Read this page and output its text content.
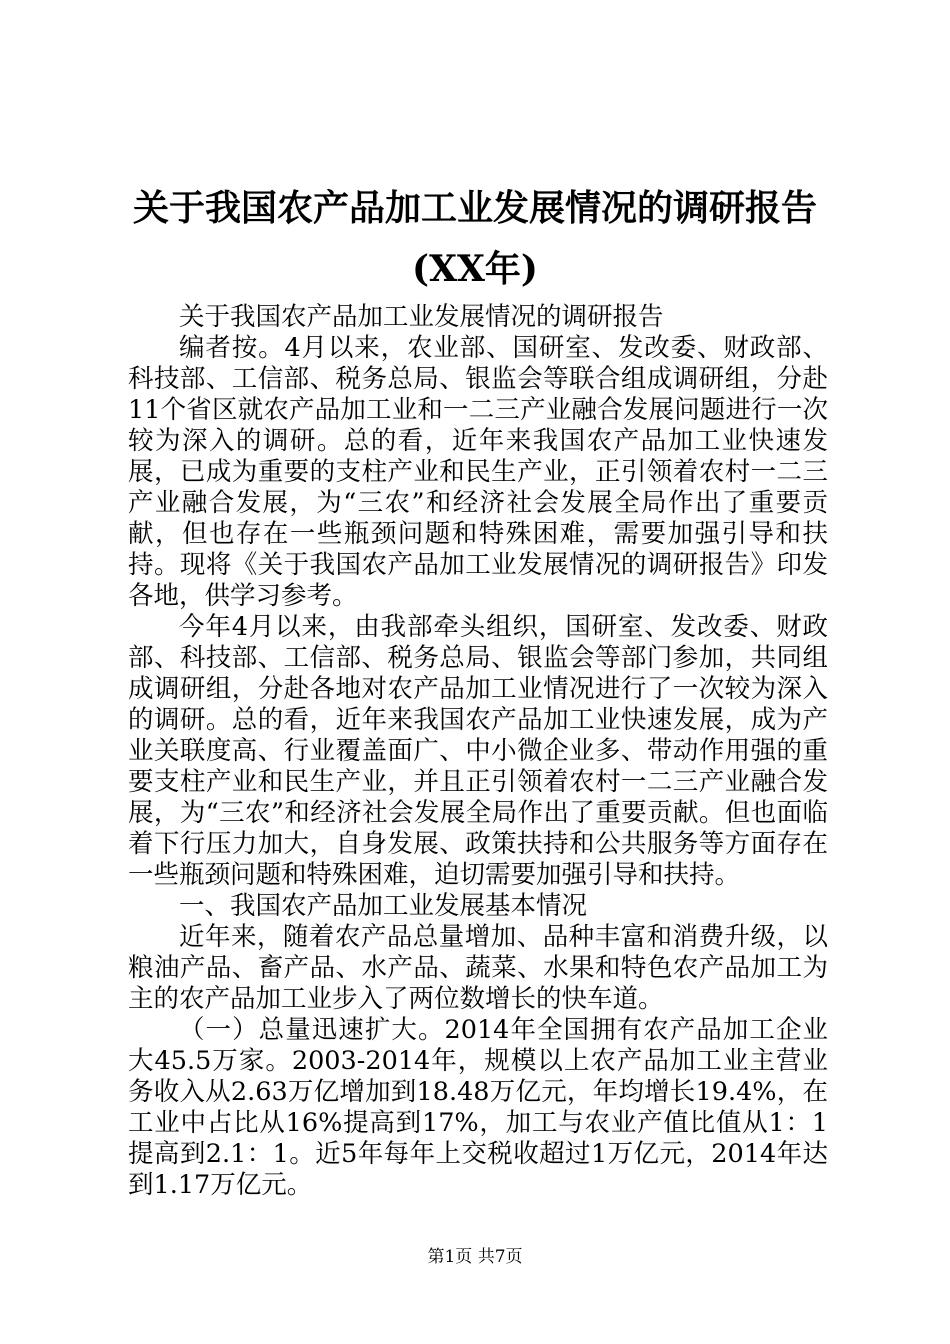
关于我国农产品加工业发展情况的调研报告
(XX年)

关于我国农产品加工业发展情况的调研报告

编者按。4月以来，农业部、国研室、发改委、财政部、科技部、工信部、税务总局、银监会等联合组成调研组，分赴11个省区就农产品加工业和一二三产业融合发展问题进行一次较为深入的调研。总的看，近年来我国农产品加工业快速发展，已成为重要的支柱产业和民生产业，正引领着农村一二三产业融合发展，为“三农”和经济社会发展全局作出了重要贡献，但也存在一些瓶颈问题和特殊困难，需要加强引导和扶持。现将《关于我国农产品加工业发展情况的调研报告》印发各地，供学习参考。

今年4月以来，由我部牵头组织，国研室、发改委、财政部、科技部、工信部、税务总局、银监会等部门参加，共同组成调研组，分赴各地对农产品加工业情况进行了一次较为深入的调研。总的看，近年来我国农产品加工业快速发展，成为产业关联度高、行业覆盖面广、中小微企业多、带动作用强的重要支柱产业和民生产业，并且正引领着农村一二三产业融合发展，为“三农”和经济社会发展全局作出了重要贡献。但也面临着下行压力加大，自身发展、政策扶持和公共服务等方面存在一些瓶颈问题和特殊困难，迫切需要加强引导和扶持。

一、我国农产品加工业发展基本情况

近年来，随着农产品总量增加、品种丰富和消费升级，以粮油产品、畜产品、水产品、蔬菜、水果和特色农产品加工为主的农产品加工业步入了两位数增长的快车道。

（一）总量迅速扩大。2014年全国拥有农产品加工企业大45.5万家。2003-2014年，规模以上农产品加工业主营业务收入从2.63万亿增加到18.48万亿元，年均增长19.4%，在工业中占比从16%提高到17%，加工与农业产值比值从1：1提高到2.1：1。近5年每年上交税收超过1万亿元，2014年达到1.17万亿元。

第1页 共7页
